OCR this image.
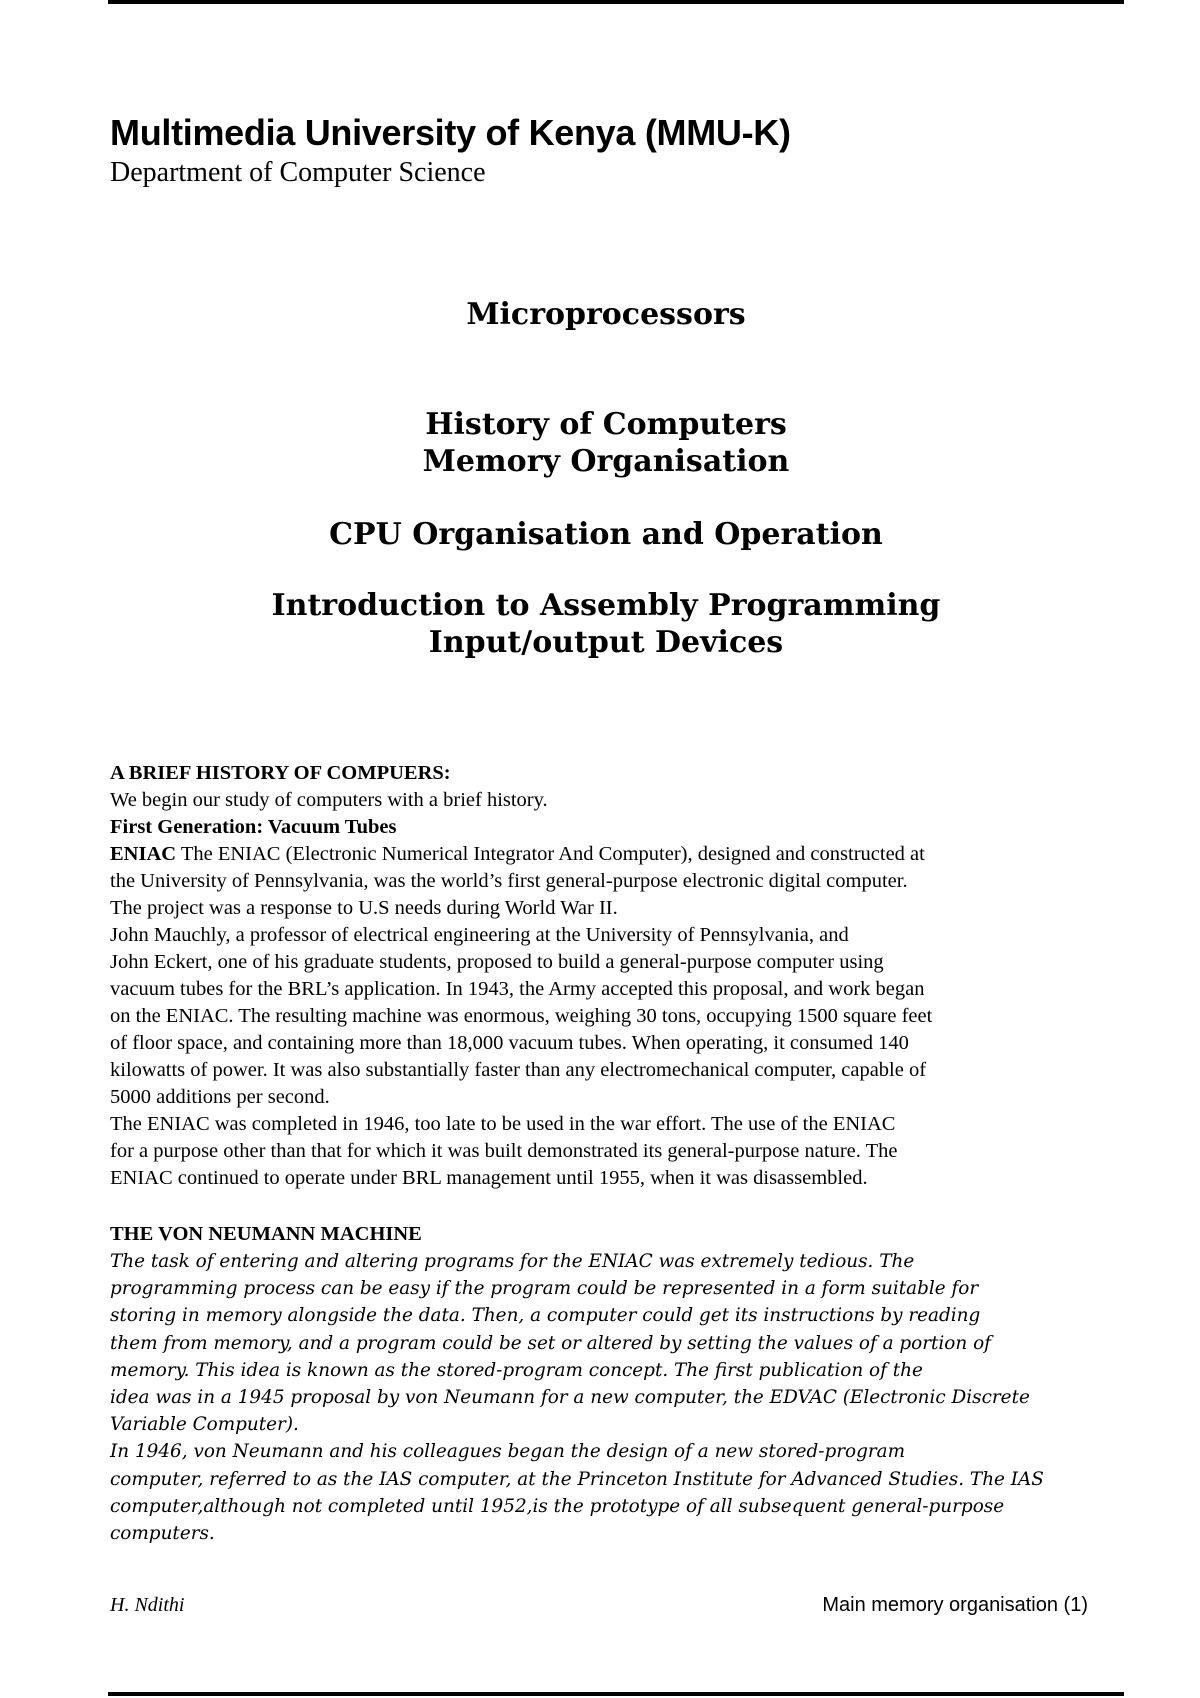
Multimedia University of Kenya (MMU-K)
Department of Computer Science
Microprocessors
History of Computers
Memory Organisation
CPU Organisation and Operation
Introduction to Assembly Programming
Input/output Devices
A BRIEF HISTORY OF COMPUERS:
We begin our study of computers with a brief history.
First Generation: Vacuum Tubes
ENIAC The ENIAC (Electronic Numerical Integrator And Computer), designed and constructed at
the University of Pennsylvania, was the world’s first general-purpose electronic digital computer.
The project was a response to U.S needs during World War II.
John Mauchly, a professor of electrical engineering at the University of Pennsylvania, and
John Eckert, one of his graduate students, proposed to build a general-purpose computer using
vacuum tubes for the BRL’s application. In 1943, the Army accepted this proposal, and work began
on the ENIAC. The resulting machine was enormous, weighing 30 tons, occupying 1500 square feet
of floor space, and containing more than 18,000 vacuum tubes. When operating, it consumed 140
kilowatts of power. It was also substantially faster than any electromechanical computer, capable of
5000 additions per second.
The ENIAC was completed in 1946, too late to be used in the war effort. The use of the ENIAC
for a purpose other than that for which it was built demonstrated its general-purpose nature. The
ENIAC continued to operate under BRL management until 1955, when it was disassembled.
THE VON NEUMANN MACHINE
The task of entering and altering programs for the ENIAC was extremely tedious. The
programming process can be easy if the program could be represented in a form suitable for
storing in memory alongside the data. Then, a computer could get its instructions by reading
them from memory, and a program could be set or altered by setting the values of a portion of
memory. This idea is known as the stored-program concept. The first publication of the
idea was in a 1945 proposal by von Neumann for a new computer, the EDVAC (Electronic Discrete
Variable Computer).
In 1946, von Neumann and his colleagues began the design of a new stored-program
computer, referred to as the IAS computer, at the Princeton Institute for Advanced Studies. The IAS
computer,although not completed until 1952,is the prototype of all subsequent general-purpose
computers.
H. Ndithi	Main memory organisation (1)
